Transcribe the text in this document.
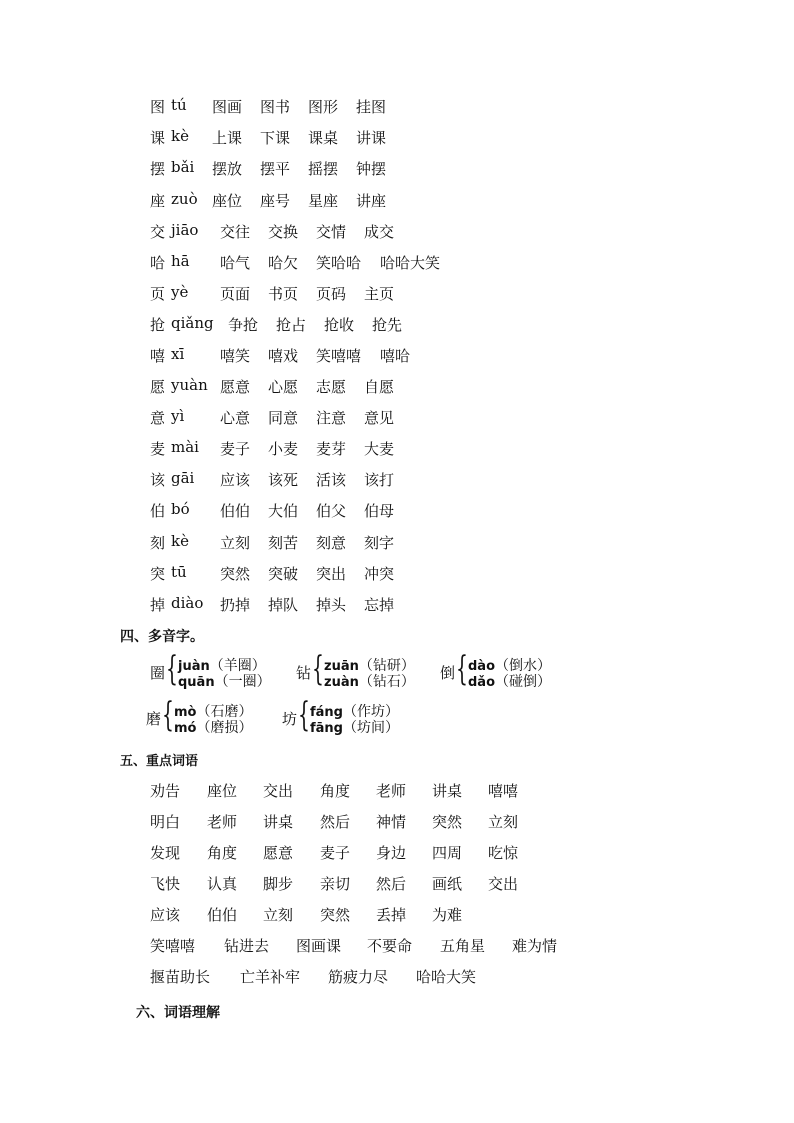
图 tú 图画 图书 图形 挂图
课 kè 上课 下课 课桌 讲课
摆 bǎi 摆放 摆平 摇摆 钟摆
座 zuò 座位 座号 星座 讲座
交 jiāo 交往 交换 交情 成交
哈 hā 哈气 哈欠 笑哈哈 哈哈大笑
页 yè 页面 书页 页码 主页
抢 qiǎng 争抢 抢占 抢收 抢先
嘻 xī 嘻笑 嘻戏 笑嘻嘻 嘻哈
愿 yuàn 愿意 心愿 志愿 自愿
意 yì 心意 同意 注意 意见
麦 mài 麦子 小麦 麦芽 大麦
该 gāi 应该 该死 活该 该打
伯 bó 伯伯 大伯 伯父 伯母
刻 kè 立刻 刻苦 刻意 刻字
突 tū 突然 突破 突出 冲突
掉 diào 扔掉 掉队 掉头 忘掉
四、多音字。
圈 { juàn（羊圈）
quān（一圈） 钻 { zuān（钻研）
zuàn（钻石） 倒 { dào（倒水）
dǎo（碰倒）
磨 { mò（石磨）
mó（磨损） 坊 { fáng（作坊）
fāng（坊间）
五、重点词语
劝告 座位 交出 角度 老师 讲桌 嘻嘻
明白 老师 讲桌 然后 神情 突然 立刻
发现 角度 愿意 麦子 身边 四周 吃惊
飞快 认真 脚步 亲切 然后 画纸 交出
应该 伯伯 立刻 突然 丢掉 为难
笑嘻嘻 钻进去 图画课 不要命 五角星 难为情
揠苗助长 亡羊补牢 筋疲力尽 哈哈大笑
六、词语理解
